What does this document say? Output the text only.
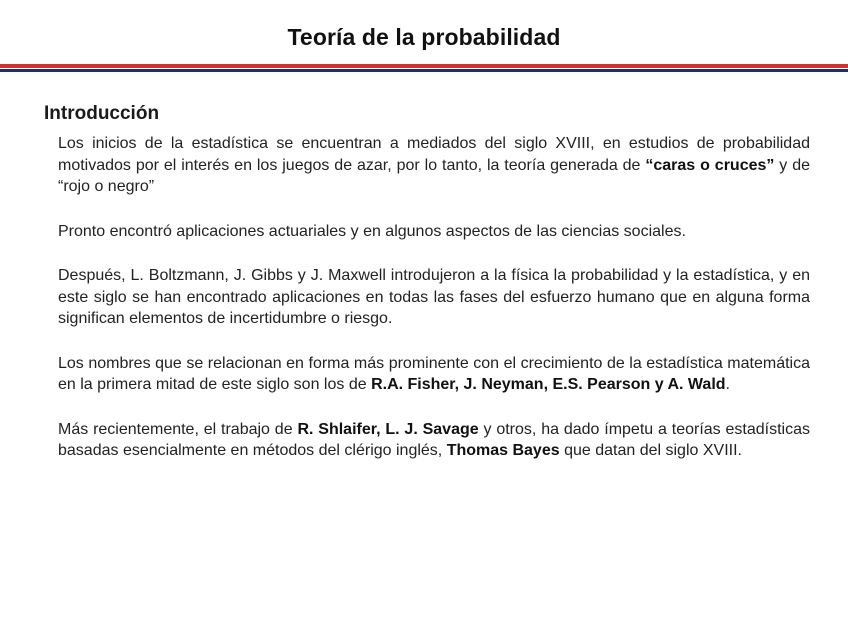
Teoría de la probabilidad
Introducción

Los inicios de la estadística se encuentran a mediados del siglo XVIII, en estudios de probabilidad motivados por el interés en los juegos de azar, por lo tanto, la teoría generada de “caras o cruces” y de “rojo o negro”

Pronto encontró aplicaciones actuariales y en algunos aspectos de las ciencias sociales.

Después, L. Boltzmann, J. Gibbs y J. Maxwell introdujeron a la física la probabilidad y la estadística, y en este siglo se han encontrado aplicaciones en todas las fases del esfuerzo humano que en alguna forma significan elementos de incertidumbre o riesgo.

Los nombres que se relacionan en forma más prominente con el crecimiento de la estadística matemática en la primera mitad de este siglo son los de R.A. Fisher, J. Neyman, E.S. Pearson y A. Wald.

Más recientemente, el trabajo de R. Shlaifer, L. J. Savage y otros, ha dado ímpetu a teorías estadísticas basadas esencialmente en métodos del clérigo inglés, Thomas Bayes que datan del siglo XVIII.
